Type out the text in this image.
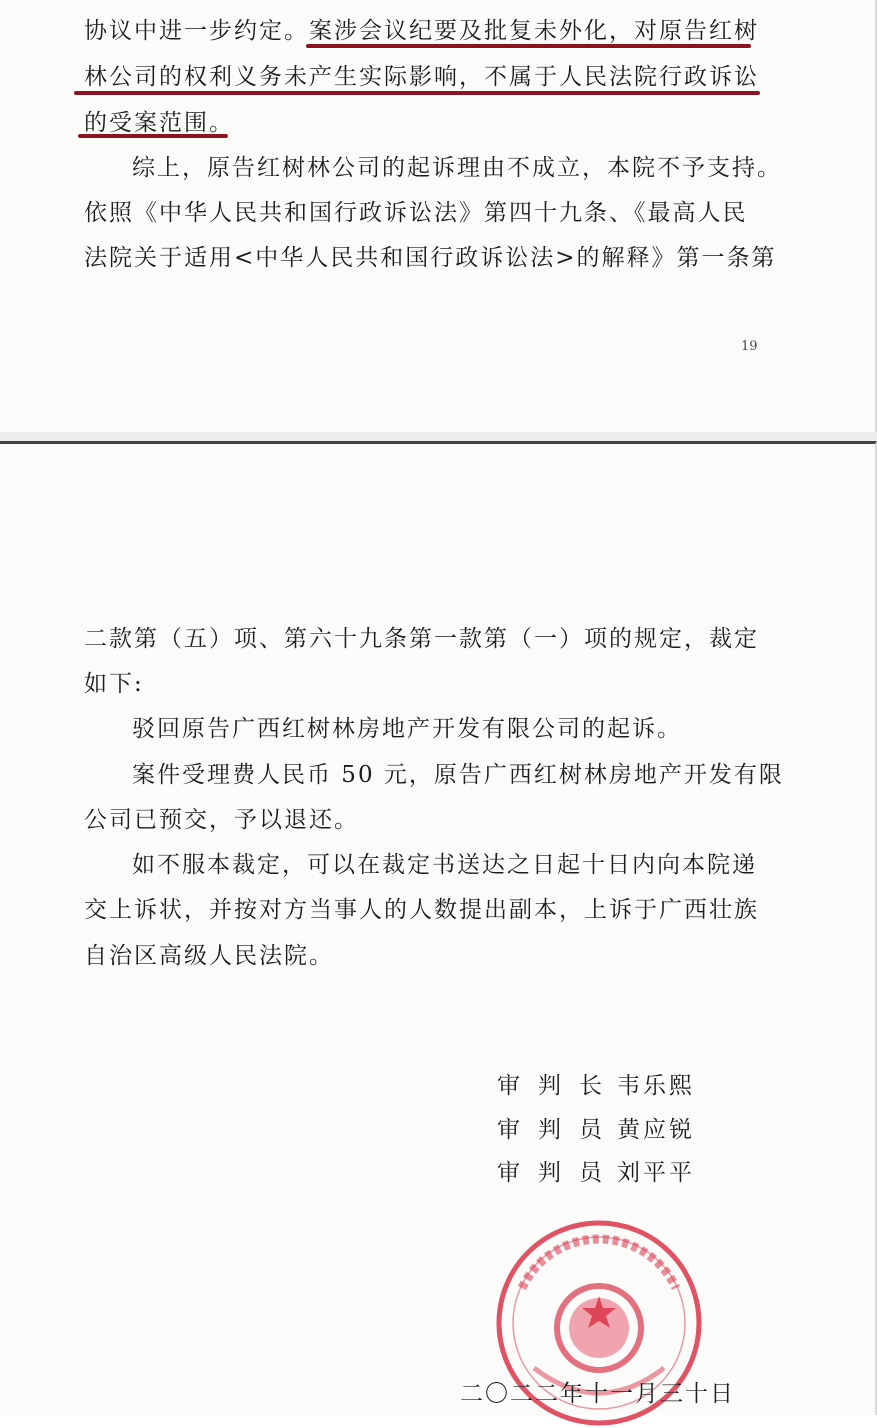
协议中进一步约定。案涉会议纪要及批复未外化，对原告红树
林公司的权利义务未产生实际影响，不属于人民法院行政诉讼
的受案范围。
综上，原告红树林公司的起诉理由不成立，本院不予支持。
依照《中华人民共和国行政诉讼法》第四十九条、《最高人民
法院关于适用<中华人民共和国行政诉讼法>的解释》第一条第
19
二款第（五）项、第六十九条第一款第（一）项的规定，裁定
如下:
驳回原告广西红树林房地产开发有限公司的起诉。
案件受理费人民币 50 元，原告广西红树林房地产开发有限
公司已预交，予以退还。
如不服本裁定，可以在裁定书送达之日起十日内向本院递
交上诉状，并按对方当事人的人数提出副本，上诉于广西壮族
自治区高级人民法院。
审判长韦乐熙
审判员黄应锐
审判员刘平平
二〇二二年十一月三十日
